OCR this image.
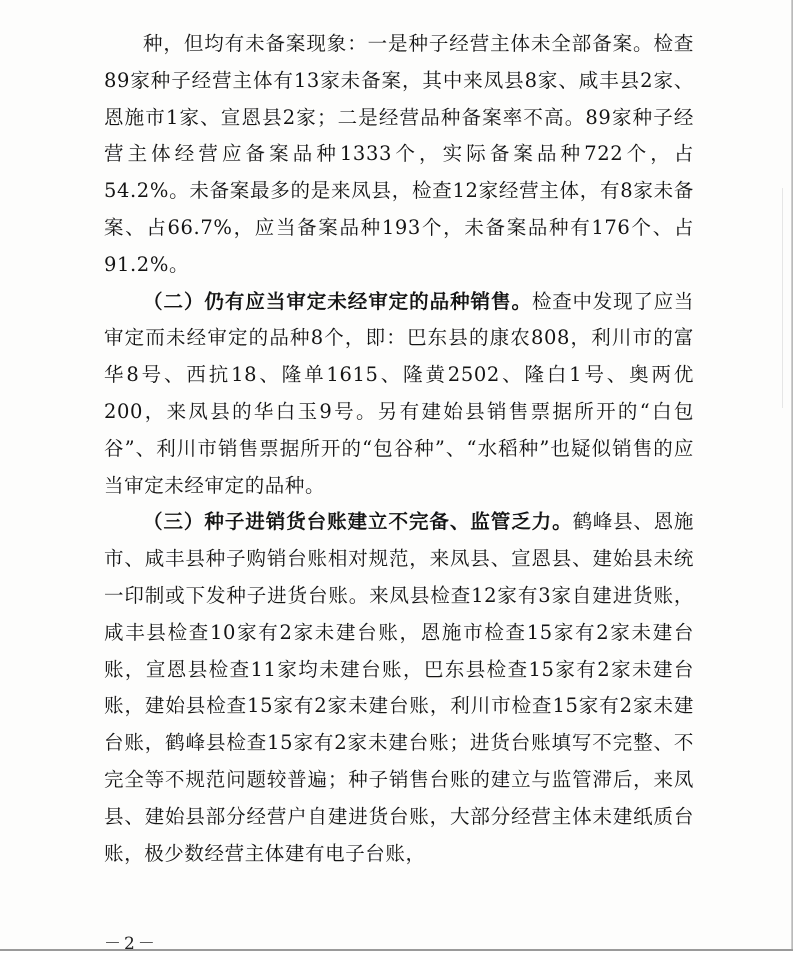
种，但均有未备案现象：一是种子经营主体未全部备案。检查89家种子经营主体有13家未备案，其中来凤县8家、咸丰县2家、恩施市1家、宣恩县2家；二是经营品种备案率不高。89家种子经营主体经营应备案品种1333个，实际备案品种722个，占54.2%。未备案最多的是来凤县，检查12家经营主体，有8家未备案、占66.7%，应当备案品种193个，未备案品种有176个、占91.2%。

（二）仍有应当审定未经审定的品种销售。检查中发现了应当审定而未经审定的品种8个，即：巴东县的康农808，利川市的富华8号、西抗18、隆单1615、隆黄2502、隆白1号、奥两优200，来凤县的华白玉9号。另有建始县销售票据所开的“白包谷”、利川市销售票据所开的“包谷种”、“水稻种”也疑似销售的应当审定未经审定的品种。

（三）种子进销货台账建立不完备、监管乏力。鹤峰县、恩施市、咸丰县种子购销台账相对规范，来凤县、宣恩县、建始县未统一印制或下发种子进货台账。来凤县检查12家有3家自建进货账，咸丰县检查10家有2家未建台账，恩施市检查15家有2家未建台账，宣恩县检查11家均未建台账，巴东县检查15家有2家未建台账，建始县检查15家有2家未建台账，利川市检查15家有2家未建台账，鹤峰县检查15家有2家未建台账；进货台账填写不完整、不完全等不规范问题较普遍；种子销售台账的建立与监管滞后，来凤县、建始县部分经营户自建进货台账，大部分经营主体未建纸质台账，极少数经营主体建有电子台账，

－2－
